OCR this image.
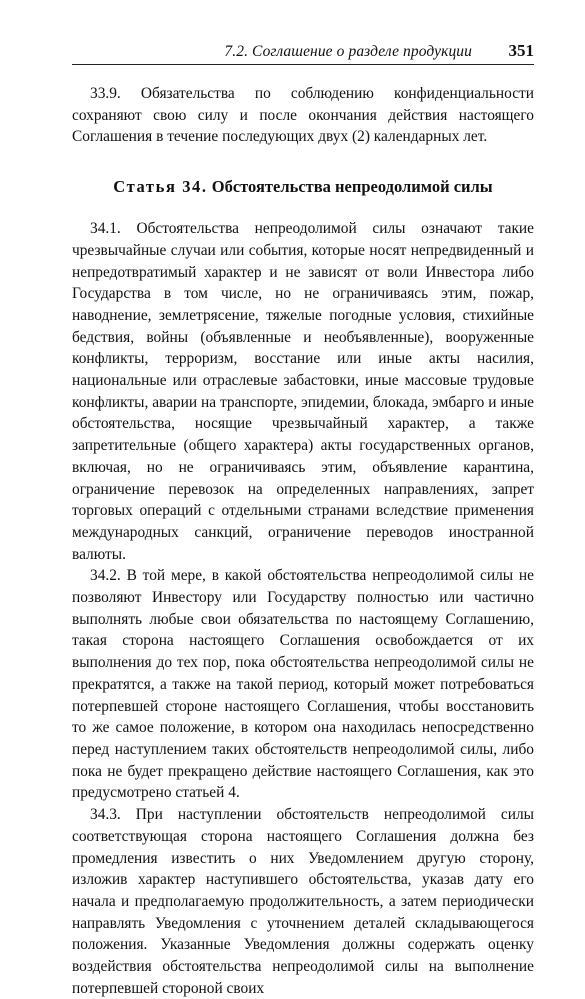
7.2. Соглашение о разделе продукции 351

33.9. Обязательства по соблюдению конфиденциальности сохраняют свою силу и после окончания действия настоящего Соглашения в течение последующих двух (2) календарных лет.

Статья 34. Обстоятельства непреодолимой силы

34.1. Обстоятельства непреодолимой силы означают такие чрезвычайные случаи или события, которые носят непредвиденный и непредотвратимый характер и не зависят от воли Инвестора либо Государства в том числе, но не ограничиваясь этим, пожар, наводнение, землетрясение, тяжелые погодные условия, стихийные бедствия, войны (объявленные и необъявленные), вооруженные конфликты, терроризм, восстание или иные акты насилия, национальные или отраслевые забастовки, иные массовые трудовые конфликты, аварии на транспорте, эпидемии, блокада, эмбарго и иные обстоятельства, носящие чрезвычайный характер, а также запретительные (общего характера) акты государственных органов, включая, но не ограничиваясь этим, объявление карантина, ограничение перевозок на определенных направлениях, запрет торговых операций с отдельными странами вследствие применения международных санкций, ограничение переводов иностранной валюты.

34.2. В той мере, в какой обстоятельства непреодолимой силы не позволяют Инвестору или Государству полностью или частично выполнять любые свои обязательства по настоящему Соглашению, такая сторона настоящего Соглашения освобождается от их выполнения до тех пор, пока обстоятельства непреодолимой силы не прекратятся, а также на такой период, который может потребоваться потерпевшей стороне настоящего Соглашения, чтобы восстановить то же самое положение, в котором она находилась непосредственно перед наступлением таких обстоятельств непреодолимой силы, либо пока не будет прекращено действие настоящего Соглашения, как это предусмотрено статьей 4.

34.3. При наступлении обстоятельств непреодолимой силы соответствующая сторона настоящего Соглашения должна без промедления известить о них Уведомлением другую сторону, изложив характер наступившего обстоятельства, указав дату его начала и предполагаемую продолжительность, а затем периодически направлять Уведомления с уточнением деталей складывающегося положения. Указанные Уведомления должны содержать оценку воздействия обстоятельства непреодолимой силы на выполнение потерпевшей стороной своих
